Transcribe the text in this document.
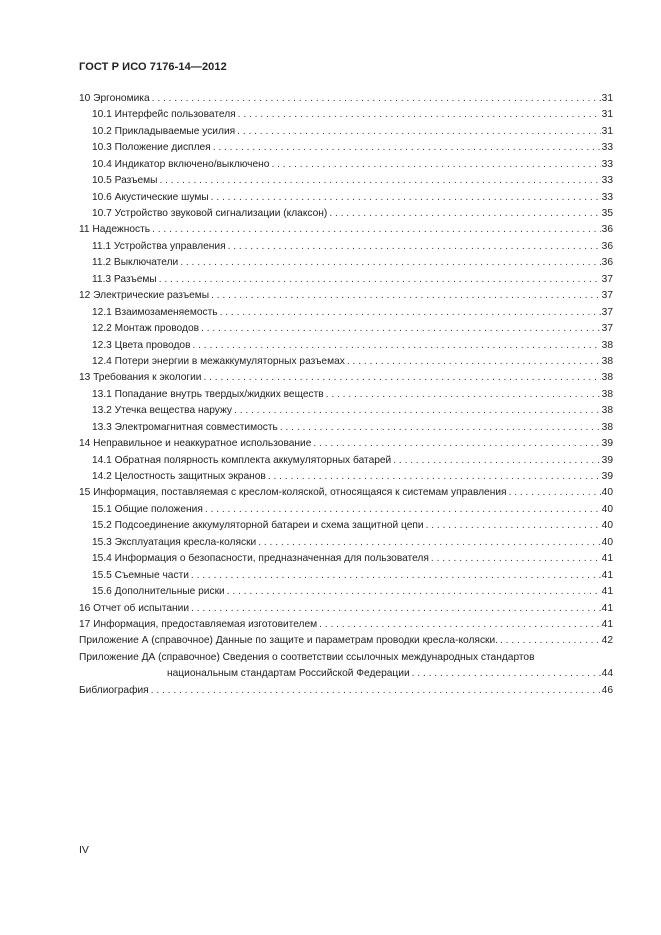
ГОСТ Р ИСО 7176-14—2012
10 Эргономика . . .	31
10.1 Интерфейс пользователя . . .	31
10.2 Прикладываемые усилия . . .	31
10.3 Положение дисплея . . .	33
10.4 Индикатор включено/выключено . . .	33
10.5 Разъемы . . .	33
10.6 Акустические шумы . . .	33
10.7 Устройство звуковой сигнализации (клаксон) . . .	35
11 Надежность . . .	36
11.1 Устройства управления . . .	36
11.2 Выключатели . . .	36
11.3 Разъемы . . .	37
12 Электрические разъемы . . .	37
12.1 Взаимозаменяемость . . .	37
12.2 Монтаж проводов . . .	37
12.3 Цвета проводов . . .	38
12.4 Потери энергии в межаккумуляторных разъемах . . .	38
13 Требования к экологии . . .	38
13.1 Попадание внутрь твердых/жидких веществ . . .	38
13.2 Утечка вещества наружу . . .	38
13.3 Электромагнитная совместимость . . .	38
14 Неправильное и неаккуратное использование . . .	39
14.1 Обратная полярность комплекта аккумуляторных батарей . . .	39
14.2 Целостность защитных экранов . . .	39
15 Информация, поставляемая с креслом-коляской, относящаяся к системам управления . . .	40
15.1 Общие положения . . .	40
15.2 Подсоединение аккумуляторной батареи и схема защитной цепи . . .	40
15.3 Эксплуатация кресла-коляски . . .	40
15.4 Информация о безопасности, предназначенная для пользователя . . .	41
15.5 Съемные части . . .	41
15.6 Дополнительные риски . . .	41
16 Отчет об испытании . . .	41
17 Информация, предоставляемая изготовителем . . .	41
Приложение А (справочное) Данные по защите и параметрам проводки кресла-коляски. . . .	42
Приложение ДА (справочное) Сведения о соответствии ссылочных международных стандартов
национальным стандартам Российской Федерации . . .	44
Библиография . . .	46
IV
